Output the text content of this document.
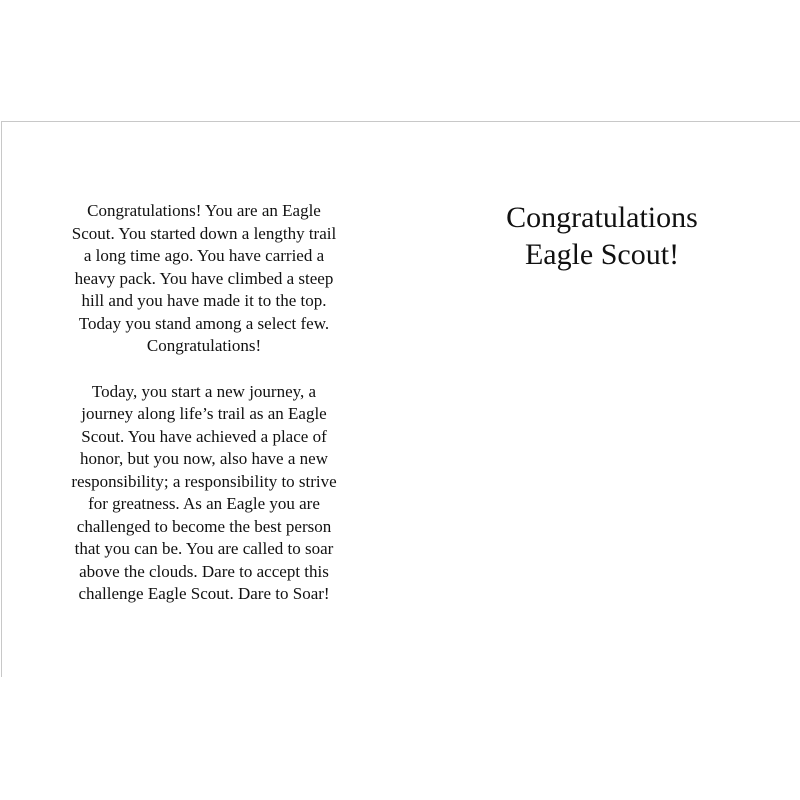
Congratulations! You are an Eagle
Scout. You started down a lengthy trail
a long time ago. You have carried a
heavy pack. You have climbed a steep
hill and you have made it to the top.
Today you stand among a select few.
Congratulations!

Today, you start a new journey, a
journey along life’s trail as an Eagle
Scout. You have achieved a place of
honor, but you now, also have a new
responsibility; a responsibility to strive
for greatness. As an Eagle you are
challenged to become the best person
that you can be. You are called to soar
above the clouds. Dare to accept this
challenge Eagle Scout. Dare to Soar!

Congratulations
Eagle Scout!
